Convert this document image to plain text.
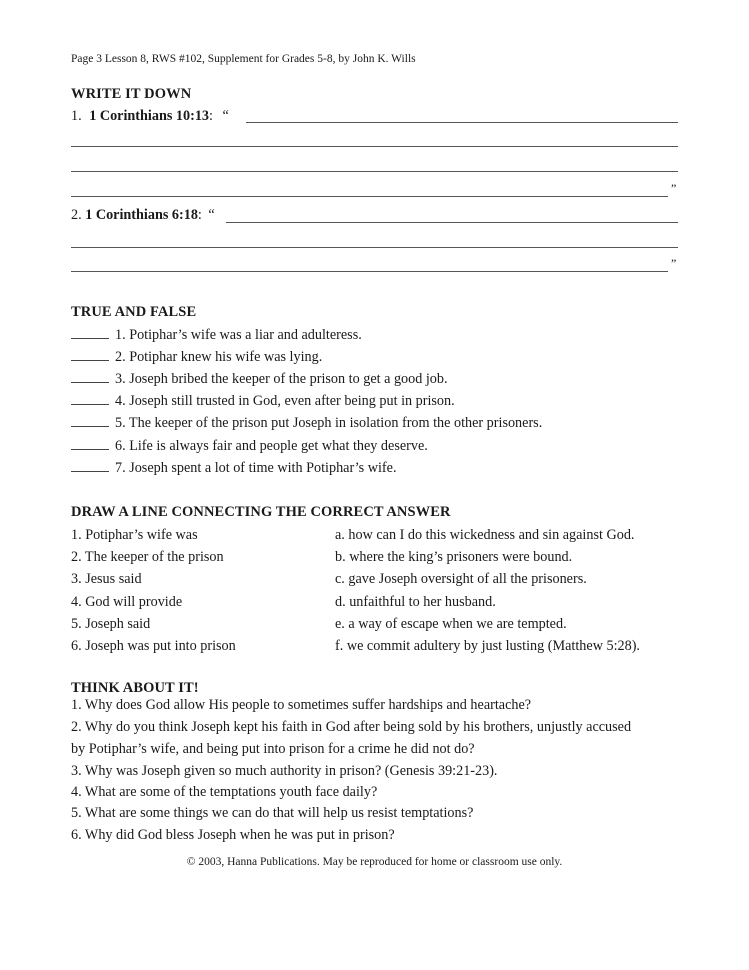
Page 3 Lesson 8, RWS #102, Supplement for Grades 5-8, by John K. Wills
WRITE IT DOWN
1. 1 Corinthians 10:13: “
”
2. 1 Corinthians 6:18: “
”
TRUE AND FALSE
1. Potiphar’s wife was a liar and adulteress.
2. Potiphar knew his wife was lying.
3. Joseph bribed the keeper of the prison to get a good job.
4. Joseph still trusted in God, even after being put in prison.
5. The keeper of the prison put Joseph in isolation from the other prisoners.
6. Life is always fair and people get what they deserve.
7. Joseph spent a lot of time with Potiphar’s wife.
DRAW A LINE CONNECTING THE CORRECT ANSWER
1. Potiphar’s wife was
2. The keeper of the prison
3. Jesus said
4. God will provide
5. Joseph said
6. Joseph was put into prison
a. how can I do this wickedness and sin against God.
b. where the king’s prisoners were bound.
c. gave Joseph oversight of all the prisoners.
d. unfaithful to her husband.
e. a way of escape when we are tempted.
f. we commit adultery by just lusting (Matthew 5:28).
THINK ABOUT IT!
1. Why does God allow His people to sometimes suffer hardships and heartache?
2. Why do you think Joseph kept his faith in God after being sold by his brothers, unjustly accused
by Potiphar’s wife, and being put into prison for a crime he did not do?
3. Why was Joseph given so much authority in prison? (Genesis 39:21-23).
4. What are some of the temptations youth face daily?
5. What are some things we can do that will help us resist temptations?
6. Why did God bless Joseph when he was put in prison?
© 2003, Hanna Publications. May be reproduced for home or classroom use only.
